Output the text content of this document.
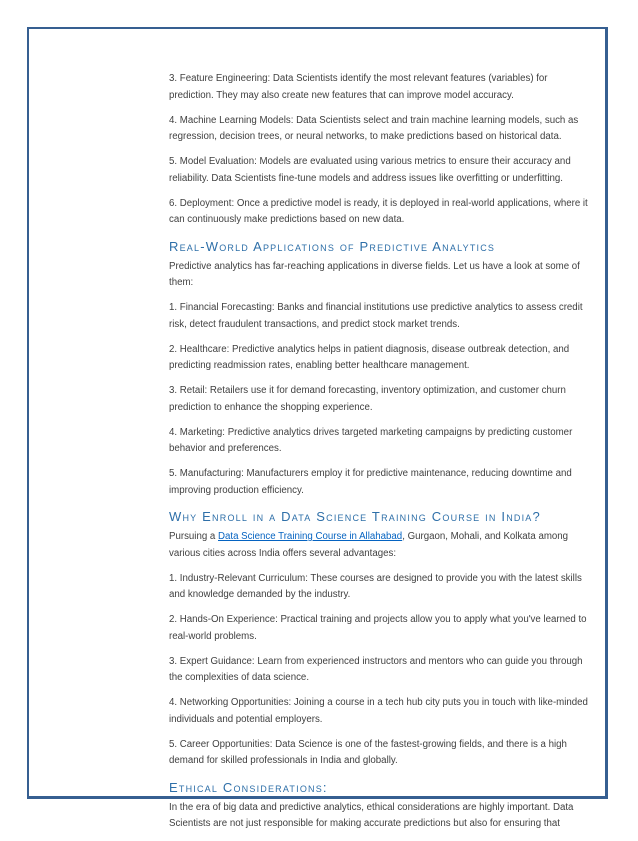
3. Feature Engineering: Data Scientists identify the most relevant features (variables) for prediction. They may also create new features that can improve model accuracy.

4. Machine Learning Models: Data Scientists select and train machine learning models, such as regression, decision trees, or neural networks, to make predictions based on historical data.

5. Model Evaluation: Models are evaluated using various metrics to ensure their accuracy and reliability. Data Scientists fine-tune models and address issues like overfitting or underfitting.

6. Deployment: Once a predictive model is ready, it is deployed in real-world applications, where it can continuously make predictions based on new data.

Real-World Applications of Predictive Analytics

Predictive analytics has far-reaching applications in diverse fields. Let us have a look at some of them:

1. Financial Forecasting: Banks and financial institutions use predictive analytics to assess credit risk, detect fraudulent transactions, and predict stock market trends.

2. Healthcare: Predictive analytics helps in patient diagnosis, disease outbreak detection, and predicting readmission rates, enabling better healthcare management.

3. Retail: Retailers use it for demand forecasting, inventory optimization, and customer churn prediction to enhance the shopping experience.

4. Marketing: Predictive analytics drives targeted marketing campaigns by predicting customer behavior and preferences.

5. Manufacturing: Manufacturers employ it for predictive maintenance, reducing downtime and improving production efficiency.

Why Enroll in a Data Science Training Course in India?

Pursuing a Data Science Training Course in Allahabad, Gurgaon, Mohali, and Kolkata among various cities across India offers several advantages:

1. Industry-Relevant Curriculum: These courses are designed to provide you with the latest skills and knowledge demanded by the industry.

2. Hands-On Experience: Practical training and projects allow you to apply what you've learned to real-world problems.

3. Expert Guidance: Learn from experienced instructors and mentors who can guide you through the complexities of data science.

4. Networking Opportunities: Joining a course in a tech hub city puts you in touch with like-minded individuals and potential employers.

5. Career Opportunities: Data Science is one of the fastest-growing fields, and there is a high demand for skilled professionals in India and globally.

Ethical Considerations:

In the era of big data and predictive analytics, ethical considerations are highly important. Data Scientists are not just responsible for making accurate predictions but also for ensuring that
